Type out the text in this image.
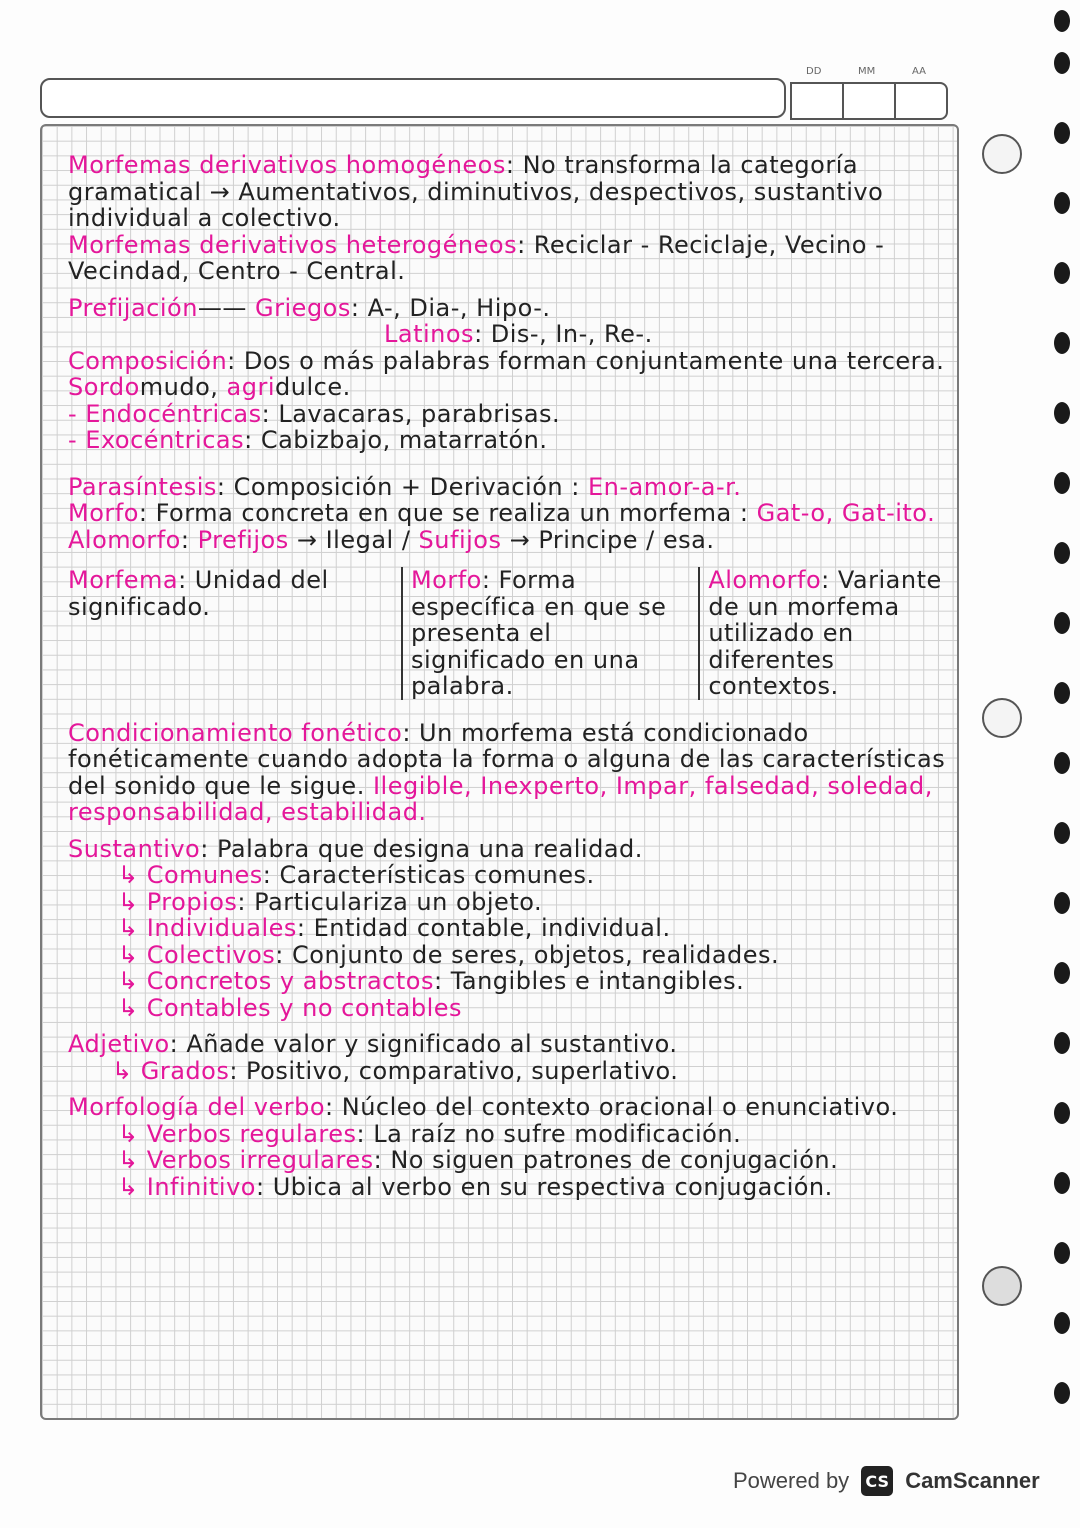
DD	MM	AA

Morfemas derivativos homogéneos: No transforma la categoría gramatical → Aumentativos, diminutivos, despectivos, sustantivo individual a colectivo.

Morfemas derivativos heterogéneos: Reciclar - Reciclaje, Vecino - Vecindad, Centro - Central.

Prefijación—— Griegos: A-, Dia-, Hipo-.

Latinos: Dis-, In-, Re-.

Composición: Dos o más palabras forman conjuntamente una tercera. Sordomudo, agridulce.

- Endocéntricas: Lavacaras, parabrisas.

- Exocéntricas: Cabizbajo, matarratón.

Parasíntesis: Composición + Derivación : En-amor-a-r.

Morfo: Forma concreta en que se realiza un morfema : Gat-o, Gat-ito.

Alomorfo: Prefijos → Ilegal / Sufijos → Principe / esa.

Morfema: Unidad del significado.

Morfo: Forma específica en que se presenta el significado en una palabra.

Alomorfo: Variante de un morfema utilizado en diferentes contextos.

Condicionamiento fonético: Un morfema está condicionado fonéticamente cuando adopta la forma o alguna de las características del sonido que le sigue. Ilegible, Inexperto, Impar, falsedad, soledad, responsabilidad, estabilidad.

Sustantivo: Palabra que designa una realidad.

↳ Comunes: Características comunes.

↳ Propios: Particulariza un objeto.

↳ Individuales: Entidad contable, individual.

↳ Colectivos: Conjunto de seres, objetos, realidades.

↳ Concretos y abstractos: Tangibles e intangibles.

↳ Contables y no contables

Adjetivo: Añade valor y significado al sustantivo.

↳ Grados: Positivo, comparativo, superlativo.

Morfología del verbo: Núcleo del contexto oracional o enunciativo.

↳ Verbos regulares: La raíz no sufre modificación.

↳ Verbos irregulares: No siguen patrones de conjugación.

↳ Infinitivo: Ubica al verbo en su respectiva conjugación.

Powered by CS CamScanner
